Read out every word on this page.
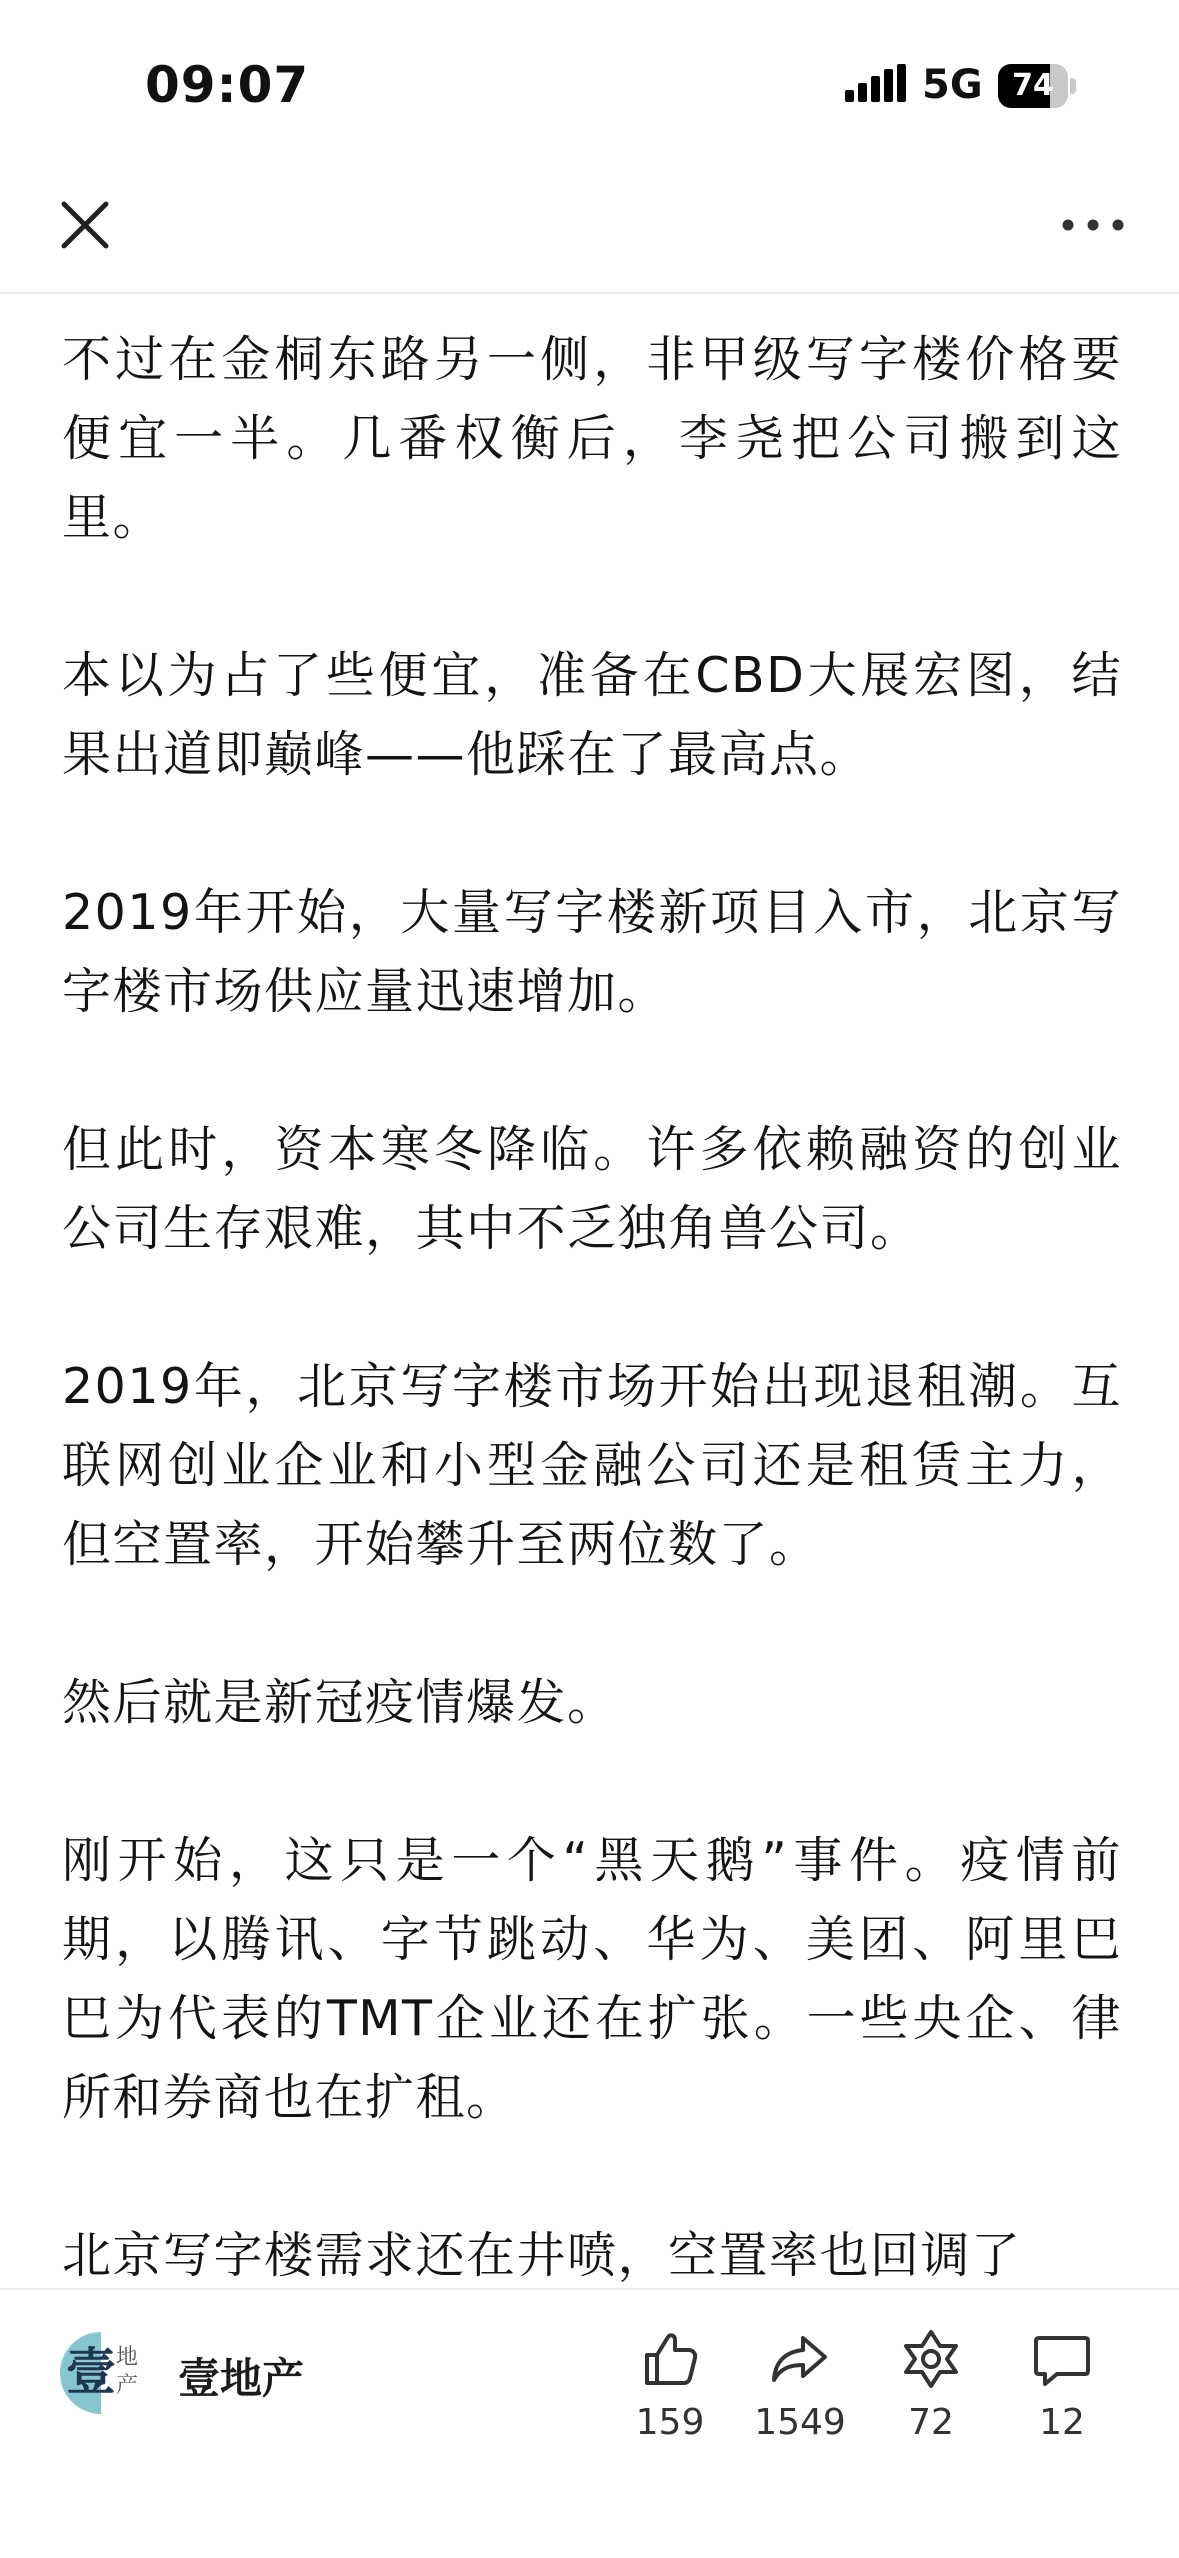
09:07	5G 74

不过在金桐东路另一侧，非甲级写字楼价格要便宜一半。几番权衡后，李尧把公司搬到这里。

本以为占了些便宜，准备在CBD大展宏图，结果出道即巅峰——他踩在了最高点。

2019年开始，大量写字楼新项目入市，北京写字楼市场供应量迅速增加。

但此时，资本寒冬降临。许多依赖融资的创业公司生存艰难，其中不乏独角兽公司。

2019年，北京写字楼市场开始出现退租潮。互联网创业企业和小型金融公司还是租赁主力，但空置率，开始攀升至两位数了。

然后就是新冠疫情爆发。

刚开始，这只是一个“黑天鹅”事件。疫情前期，以腾讯、字节跳动、华为、美团、阿里巴巴为代表的TMT企业还在扩张。一些央企、律所和券商也在扩租。

北京写字楼需求还在井喷，空置率也回调了

壹 地产 壹地产
159	1549	72	12
